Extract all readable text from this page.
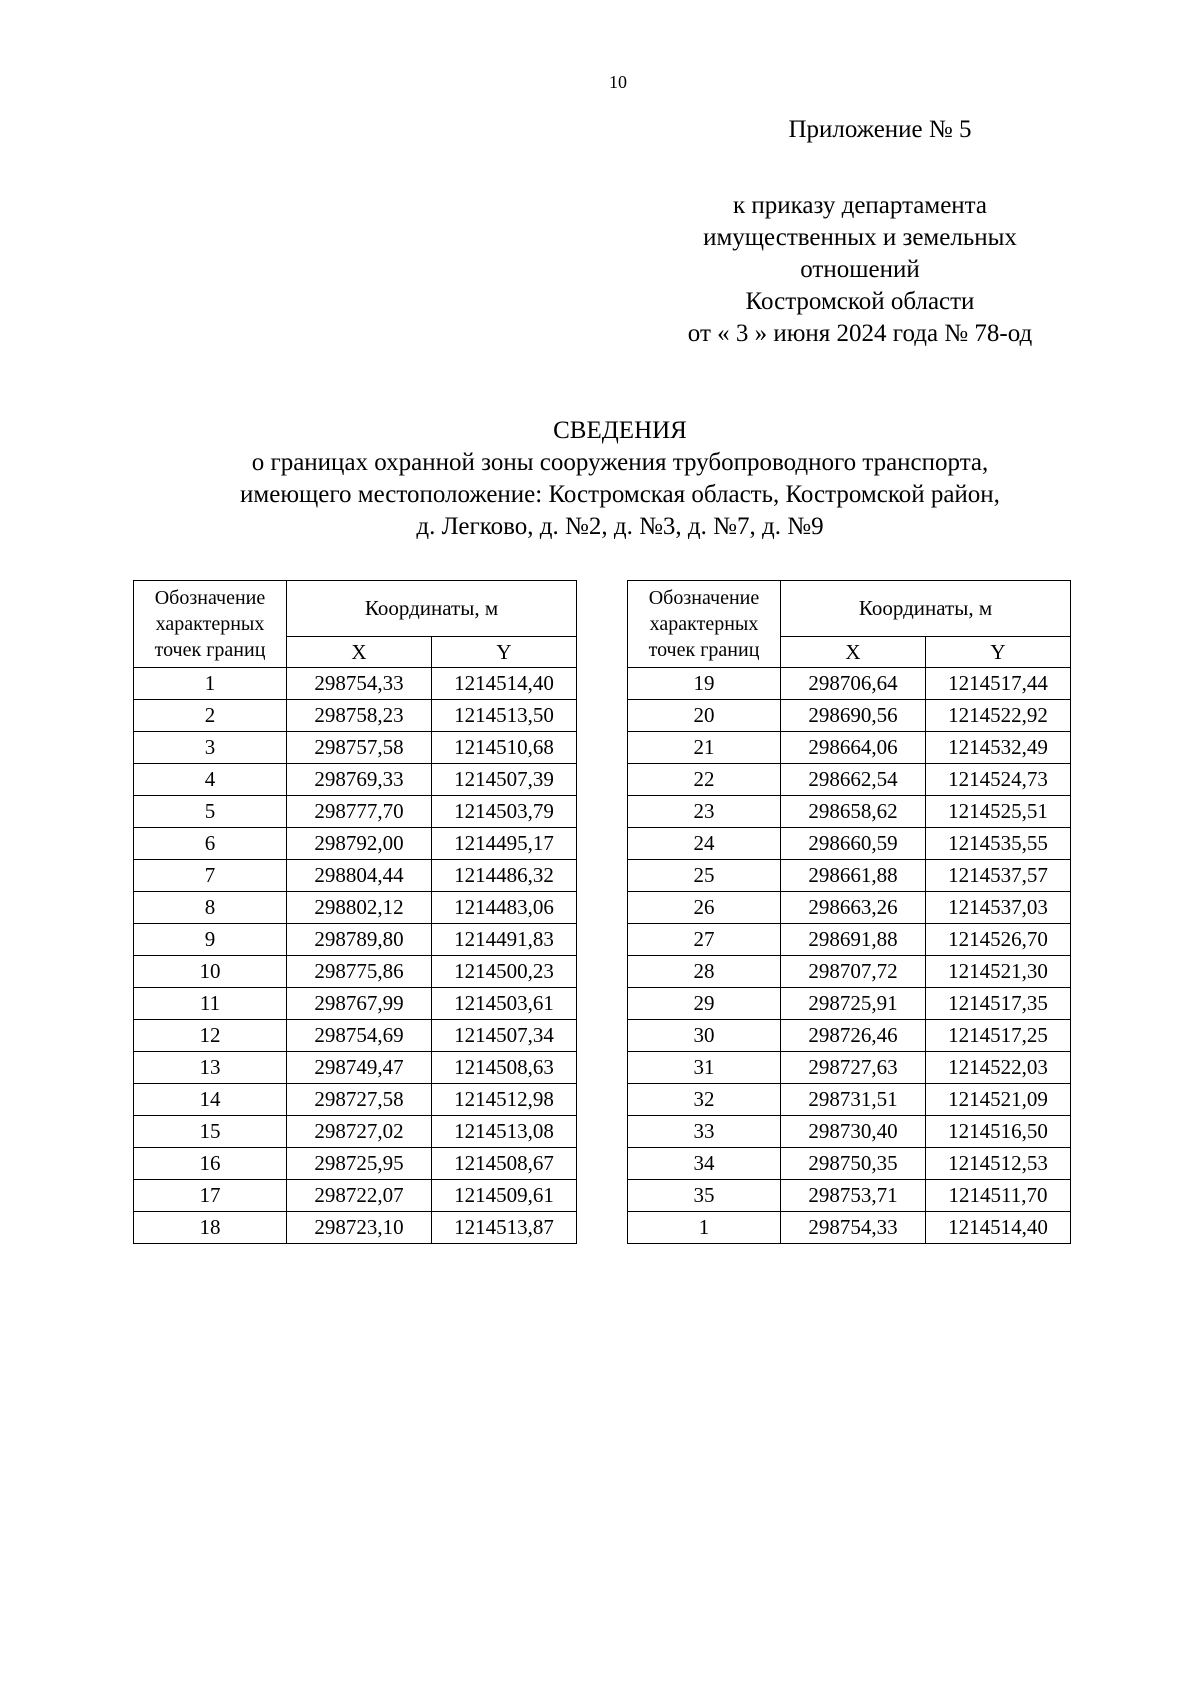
10
Приложение № 5
к приказу департамента
имущественных и земельных
отношений
Костромской области
от « 3 » июня 2024 года № 78-од
СВЕДЕНИЯ
о границах охранной зоны сооружения трубопроводного транспорта,
имеющего местоположение: Костромская область, Костромской район,
д. Легково, д. №2, д. №3, д. №7, д. №9
Обозначение
характерных
точек границ	Координаты, м	
	X	Y
1	298754,33	1214514,40
2	298758,23	1214513,50
3	298757,58	1214510,68
4	298769,33	1214507,39
5	298777,70	1214503,79
6	298792,00	1214495,17
7	298804,44	1214486,32
8	298802,12	1214483,06
9	298789,80	1214491,83
10	298775,86	1214500,23
11	298767,99	1214503,61
12	298754,69	1214507,34
13	298749,47	1214508,63
14	298727,58	1214512,98
15	298727,02	1214513,08
16	298725,95	1214508,67
17	298722,07	1214509,61
18	298723,10	1214513,87
Обозначение
характерных
точек границ	Координаты, м	
	X	Y
19	298706,64	1214517,44
20	298690,56	1214522,92
21	298664,06	1214532,49
22	298662,54	1214524,73
23	298658,62	1214525,51
24	298660,59	1214535,55
25	298661,88	1214537,57
26	298663,26	1214537,03
27	298691,88	1214526,70
28	298707,72	1214521,30
29	298725,91	1214517,35
30	298726,46	1214517,25
31	298727,63	1214522,03
32	298731,51	1214521,09
33	298730,40	1214516,50
34	298750,35	1214512,53
35	298753,71	1214511,70
1	298754,33	1214514,40
